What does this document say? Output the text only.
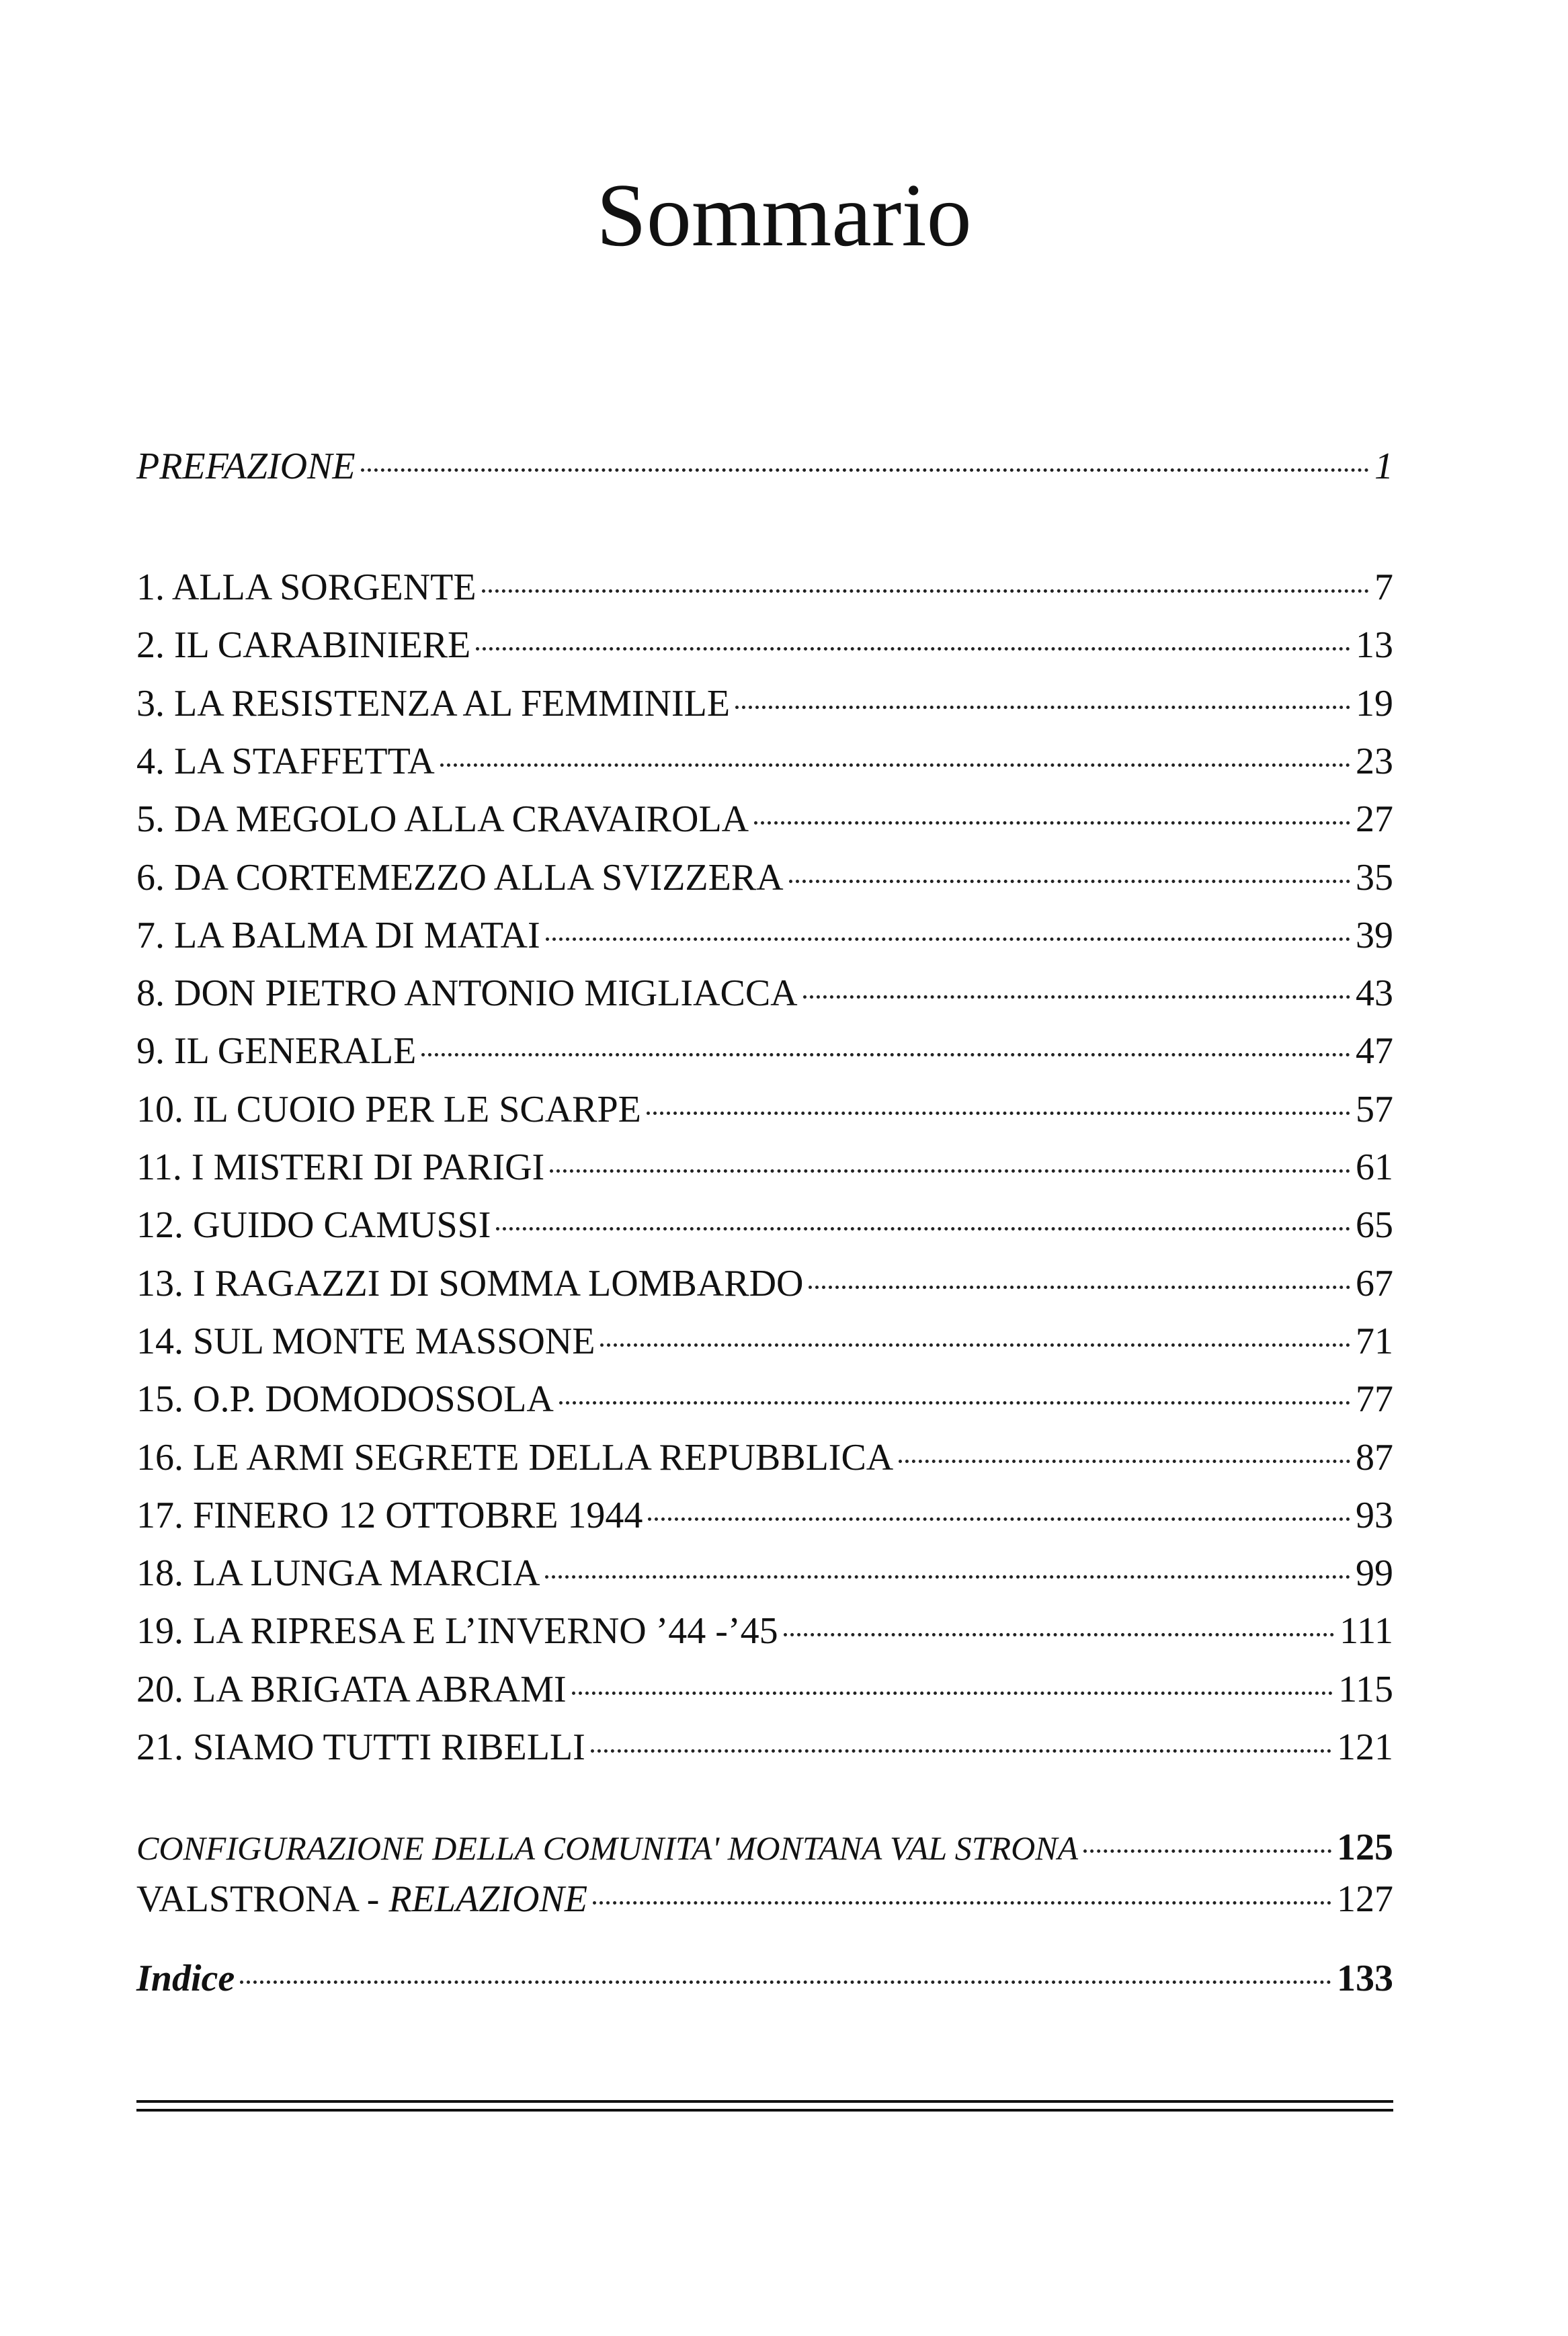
Sommario
PREFAZIONE	1
1. ALLA SORGENTE	7
2. IL CARABINIERE	13
3. LA RESISTENZA AL FEMMINILE	19
4. LA STAFFETTA	23
5. DA MEGOLO ALLA CRAVAIROLA	27
6. DA CORTEMEZZO ALLA SVIZZERA	35
7. LA BALMA DI MATAI	39
8. DON PIETRO ANTONIO MIGLIACCA	43
9. IL GENERALE	47
10. IL CUOIO PER LE SCARPE	57
11. I MISTERI DI PARIGI	61
12. GUIDO CAMUSSI	65
13. I RAGAZZI DI SOMMA LOMBARDO	67
14. SUL MONTE MASSONE	71
15. O.P. DOMODOSSOLA	77
16. LE ARMI SEGRETE DELLA REPUBBLICA	87
17. FINERO 12 OTTOBRE 1944	93
18. LA LUNGA MARCIA	99
19. LA RIPRESA E L’INVERNO ’44 -’45	111
20. LA BRIGATA ABRAMI	115
21. SIAMO TUTTI RIBELLI	121
CONFIGURAZIONE DELLA COMUNITA' MONTANA VAL STRONA	125
VALSTRONA - RELAZIONE	127
Indice	133
